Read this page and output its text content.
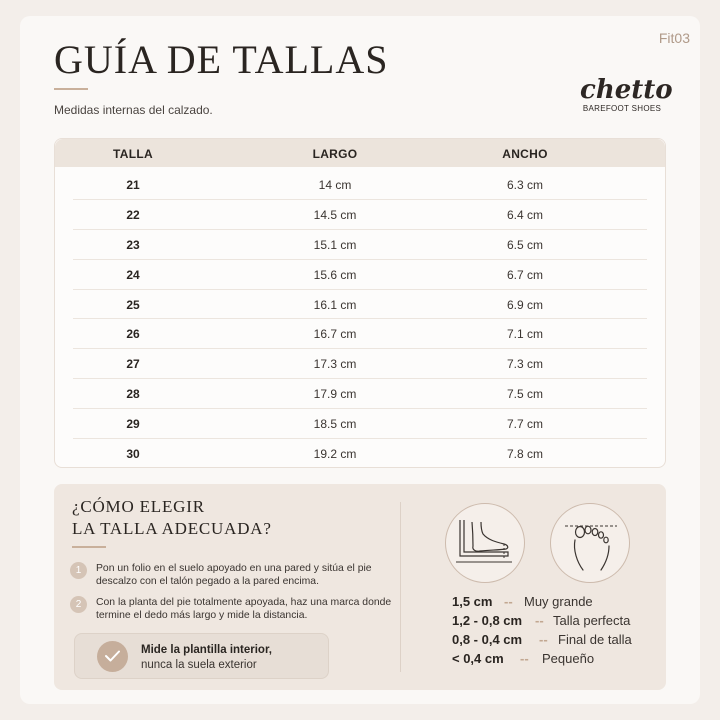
Fit03
GUÍA DE TALLAS
Medidas internas del calzado.
chetto
BAREFOOT SHOES
TALLA	LARGO	ANCHO
21	14 cm	6.3 cm
22	14.5 cm	6.4 cm
23	15.1 cm	6.5 cm
24	15.6 cm	6.7 cm
25	16.1 cm	6.9 cm
26	16.7 cm	7.1 cm
27	17.3 cm	7.3 cm
28	17.9 cm	7.5 cm
29	18.5 cm	7.7 cm
30	19.2 cm	7.8 cm
¿CÓMO ELEGIR
LA TALLA ADECUADA?
1	Pon un folio en el suelo apoyado en una pared y sitúa el pie descalzo con el talón pegado a la pared encima.
2	Con la planta del pie totalmente apoyada, haz una marca donde termine el dedo más largo y mide la distancia.
Mide la plantilla interior,
nunca la suela exterior
1,5 cm -- Muy grande
1,2 - 0,8 cm -- Talla perfecta
0,8 - 0,4 cm -- Final de talla
< 0,4 cm -- Pequeño
